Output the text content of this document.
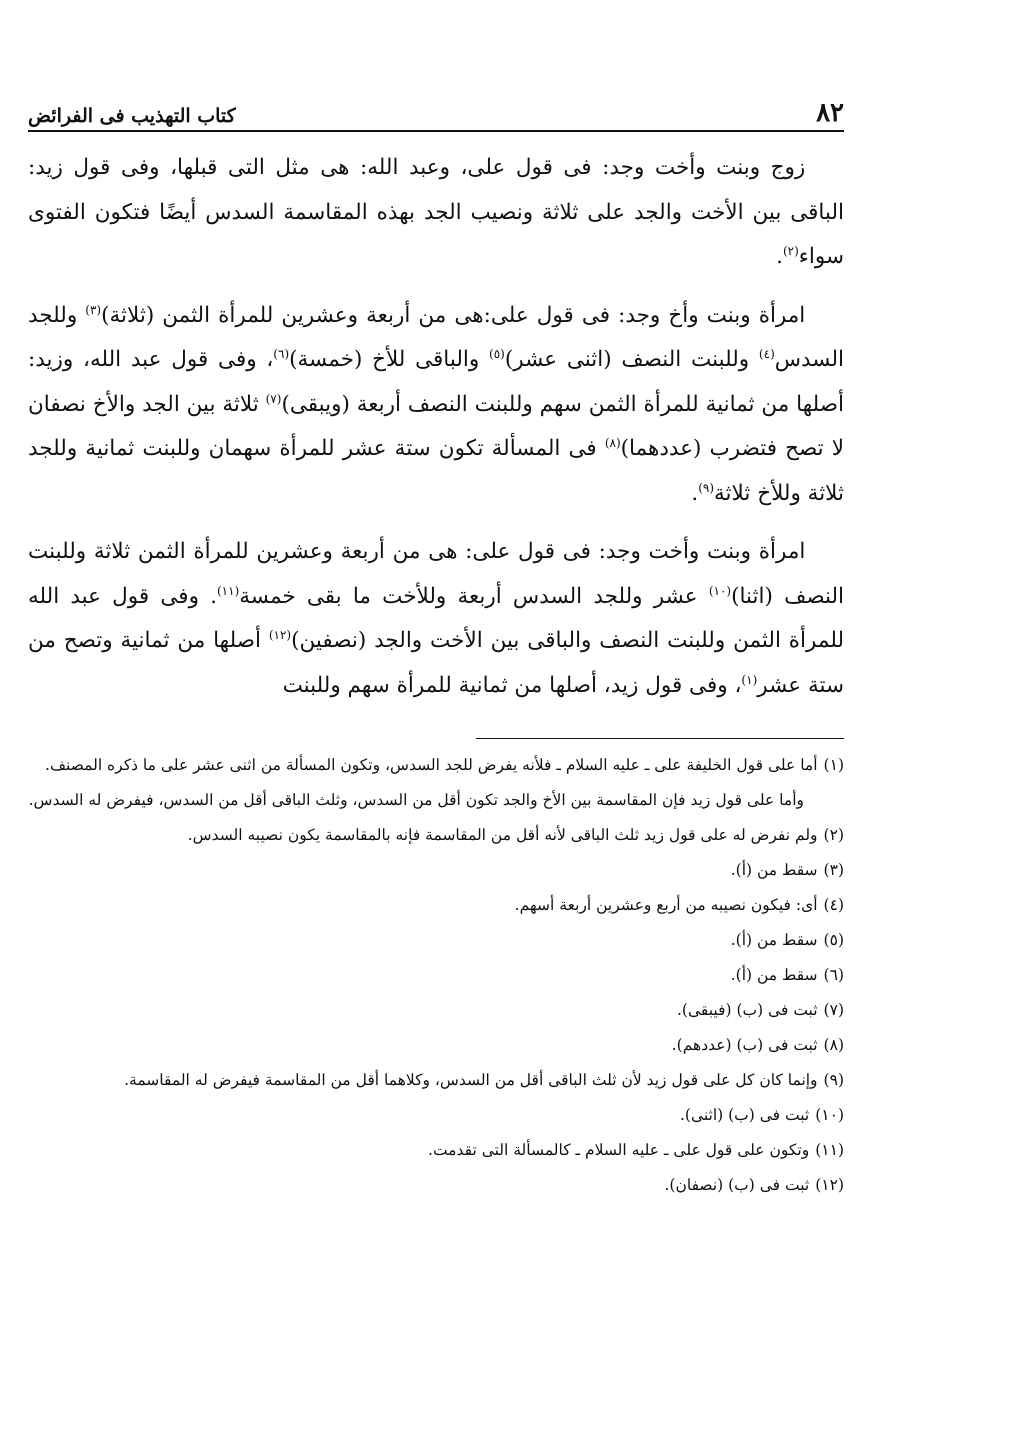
٨٢
كتاب التهذيب فى الفرائض

زوج وبنت وأخت وجد: فى قول على، وعبد الله: هى مثل التى قبلها، وفى قول زيد: الباقى بين الأخت والجد على ثلاثة ونصيب الجد بهذه المقاسمة السدس أيضًا فتكون الفتوى سواء$^{(٢)}$.

امرأة وبنت وأخ وجد: فى قول على:هى من أربعة وعشرين للمرأة الثمن (ثلاثة)$^{(٣)}$ وللجد السدس$^{(٤)}$ وللبنت النصف (اثنى عشر)$^{(٥)}$ والباقى للأخ (خمسة)$^{(٦)}$، وفى قول عبد الله، وزيد: أصلها من ثمانية للمرأة الثمن سهم وللبنت النصف أربعة (ويبقى)$^{(٧)}$ ثلاثة بين الجد والأخ نصفان لا تصح فتضرب (عددهما)$^{(٨)}$ فى المسألة تكون ستة عشر للمرأة سهمان وللبنت ثمانية وللجد ثلاثة وللأخ ثلاثة$^{(٩)}$.

امرأة وبنت وأخت وجد: فى قول على: هى من أربعة وعشرين للمرأة الثمن ثلاثة وللبنت النصف (اثنا)$^{(١٠)}$ عشر وللجد السدس أربعة وللأخت ما بقى خمسة$^{(١١)}$. وفى قول عبد الله للمرأة الثمن وللبنت النصف والباقى بين الأخت والجد (نصفين)$^{(١٢)}$ أصلها من ثمانية وتصح من ستة عشر$^{(١)}$، وفى قول زيد، أصلها من ثمانية للمرأة سهم وللبنت

(١)
أما على قول الخليفة على ـ عليه السلام ـ فلأنه يفرض للجد السدس، وتكون المسألة من اثنى عشر على ما ذكره المصنف.
وأما على قول زيد فإن المقاسمة بين الأخ والجد تكون أقل من السدس، وثلث الباقى أقل من السدس، فيفرض له السدس.
(٢)
ولم نفرض له على قول زيد ثلث الباقى لأنه أقل من المقاسمة فإنه بالمقاسمة يكون نصيبه السدس.
(٣)
سقط من (أ).
(٤)
أى: فيكون نصيبه من أربع وعشرين أربعة أسهم.
(٥)
سقط من (أ).
(٦)
سقط من (أ).
(٧)
ثبت فى (ب) (فيبقى).
(٨)
ثبت فى (ب) (عددهم).
(٩)
وإنما كان كل على قول زيد لأن ثلث الباقى أقل من السدس، وكلاهما أقل من المقاسمة فيفرض له المقاسمة.
(١٠)
ثبت فى (ب) (اثنى).
(١١)
وتكون على قول على ـ عليه السلام ـ كالمسألة التى تقدمت.
(١٢)
ثبت فى (ب) (نصفان).
